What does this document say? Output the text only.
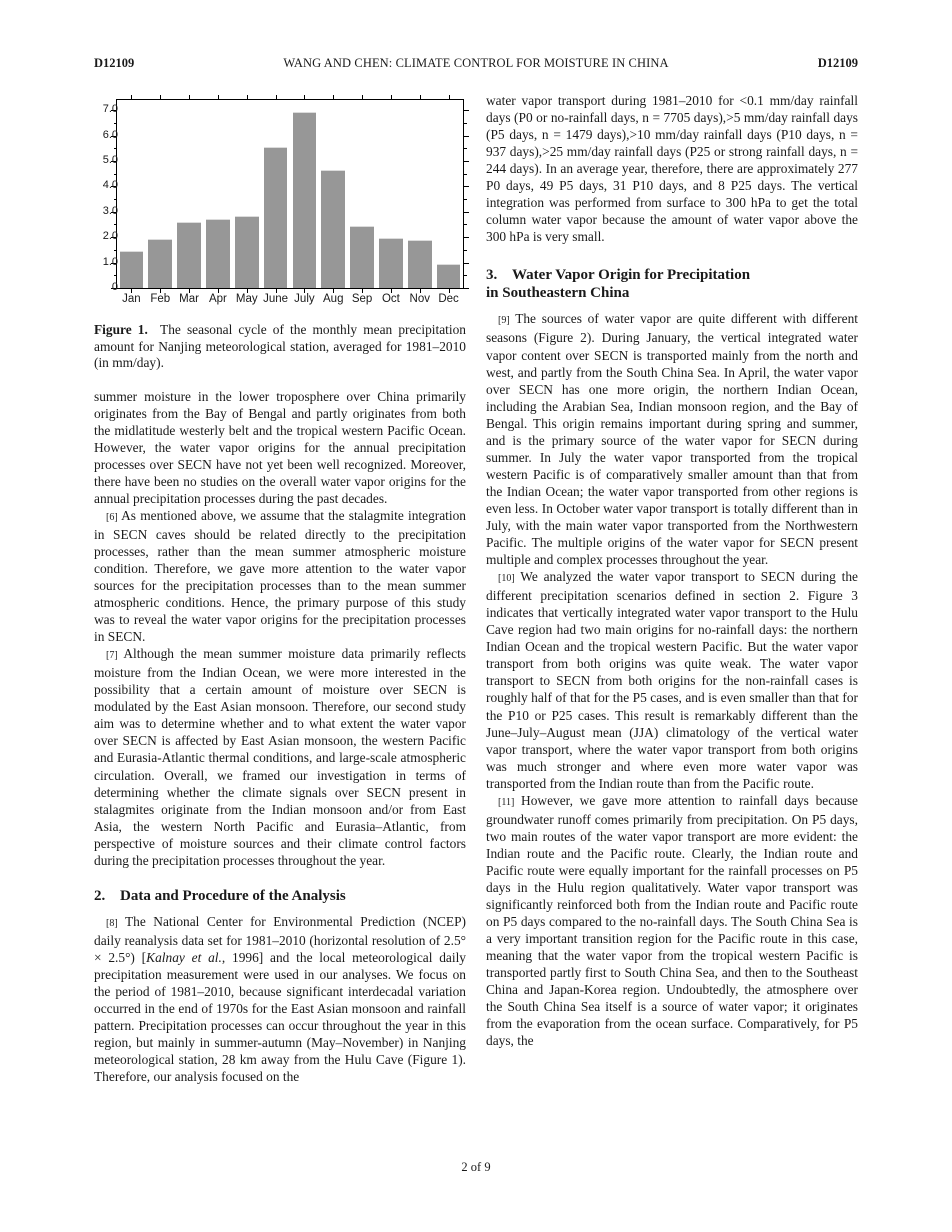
D12109	WANG AND CHEN: CLIMATE CONTROL FOR MOISTURE IN CHINA	D12109
Jan Feb Mar Apr May June July Aug Sep Oct Nov Dec
0
1.0
2.0
3.0
4.0
5.0
6.0
7.0

Figure 1. The seasonal cycle of the monthly mean precipitation amount for Nanjing meteorological station, averaged for 1981–2010 (in mm/day).

summer moisture in the lower troposphere over China primarily originates from the Bay of Bengal and partly originates from both the midlatitude westerly belt and the tropical western Pacific Ocean. However, the water vapor origins for the annual precipitation processes over SECN have not yet been well recognized. Moreover, there have been no studies on the overall water vapor origins for the annual precipitation processes during the past decades.

[6] As mentioned above, we assume that the stalagmite integration in SECN caves should be related directly to the precipitation processes, rather than the mean summer atmospheric moisture condition. Therefore, we gave more attention to the water vapor sources for the precipitation processes than to the mean summer atmospheric conditions. Hence, the primary purpose of this study was to reveal the water vapor origins for the precipitation processes in SECN.

[7] Although the mean summer moisture data primarily reflects moisture from the Indian Ocean, we were more interested in the possibility that a certain amount of moisture over SECN is modulated by the East Asian monsoon. Therefore, our second study aim was to determine whether and to what extent the water vapor over SECN is affected by East Asian monsoon, the western Pacific and Eurasia-Atlantic thermal conditions, and large-scale atmospheric circulation. Overall, we framed our investigation in terms of determining whether the climate signals over SECN present in stalagmites originate from the Indian monsoon and/or from East Asia, the western North Pacific and Eurasia–Atlantic, from perspective of moisture sources and their climate control factors during the precipitation processes throughout the year.

2. Data and Procedure of the Analysis

[8] The National Center for Environmental Prediction (NCEP) daily reanalysis data set for 1981–2010 (horizontal resolution of 2.5° × 2.5°) [Kalnay et al., 1996] and the local meteorological daily precipitation measurement were used in our analyses. We focus on the period of 1981–2010, because significant interdecadal variation occurred in the end of 1970s for the East Asian monsoon and rainfall pattern. Precipitation processes can occur throughout the year in this region, but mainly in summer-autumn (May–November) in Nanjing meteorological station, 28 km away from the Hulu Cave (Figure 1). Therefore, our analysis focused on the

water vapor transport during 1981–2010 for <0.1 mm/day rainfall days (P0 or no-rainfall days, n = 7705 days),>5 mm/day rainfall days (P5 days, n = 1479 days),>10 mm/day rainfall days (P10 days, n = 937 days),>25 mm/day rainfall days (P25 or strong rainfall days, n = 244 days). In an average year, therefore, there are approximately 277 P0 days, 49 P5 days, 31 P10 days, and 8 P25 days. The vertical integration was performed from surface to 300 hPa to get the total column water vapor because the amount of water vapor above the 300 hPa is very small.

3. Water Vapor Origin for Precipitation
in Southeastern China

[9] The sources of water vapor are quite different with different seasons (Figure 2). During January, the vertical integrated water vapor content over SECN is transported mainly from the north and west, and partly from the South China Sea. In April, the water vapor over SECN has one more origin, the northern Indian Ocean, including the Arabian Sea, Indian monsoon region, and the Bay of Bengal. This origin remains important during spring and summer, and is the primary source of the water vapor for SECN during summer. In July the water vapor transported from the tropical western Pacific is of comparatively smaller amount than that from the Indian Ocean; the water vapor transported from other regions is even less. In October water vapor transport is totally different than in July, with the main water vapor transported from the Northwestern Pacific. The multiple origins of the water vapor for SECN present multiple and complex processes throughout the year.

[10] We analyzed the water vapor transport to SECN during the different precipitation scenarios defined in section 2. Figure 3 indicates that vertically integrated water vapor transport to the Hulu Cave region had two main origins for no-rainfall days: the northern Indian Ocean and the tropical western Pacific. But the water vapor transport from both origins was quite weak. The water vapor transport to SECN from both origins for the non-rainfall cases is roughly half of that for the P5 cases, and is even smaller than that for the P10 or P25 cases. This result is remarkably different than the June–July–August mean (JJA) climatology of the vertical water vapor transport, where the water vapor transport from both origins was much stronger and where even more water vapor was transported from the Indian route than from the Pacific route.

[11] However, we gave more attention to rainfall days because groundwater runoff comes primarily from precipitation. On P5 days, two main routes of the water vapor transport are more evident: the Indian route and the Pacific route. Clearly, the Indian route and Pacific route were equally important for the rainfall processes on P5 days in the Hulu region qualitatively. Water vapor transport was significantly reinforced both from the Indian route and Pacific route on P5 days compared to the no-rainfall days. The South China Sea is a very important transition region for the Pacific route in this case, meaning that the water vapor from the tropical western Pacific is transported partly first to South China Sea, and then to the Southeast China and Japan-Korea region. Undoubtedly, the atmosphere over the South China Sea itself is a source of water vapor; it originates from the evaporation from the ocean surface. Comparatively, for P5 days, the

2 of 9
